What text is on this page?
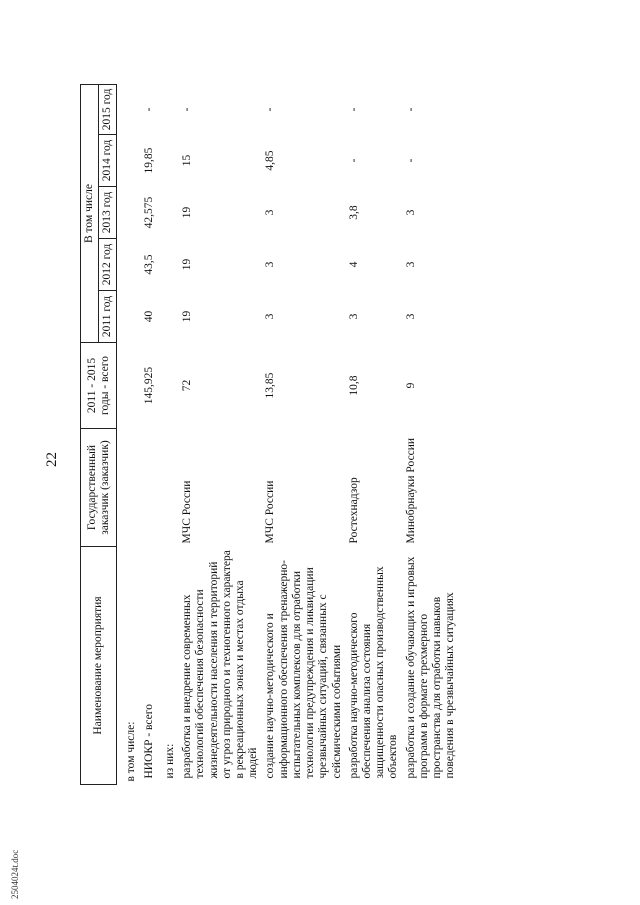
22
Наименование мероприятия	Государственный заказчик (заказчик)	2011 - 2015 годы - всего	В том числе				
			2011 год	2012 год	2013 год	2014 год	2015 год
в том числе:							
НИОКР - всего		145,925	40	43,5	42,575	19,85	-
из них:							
разработка и внедрение современных технологий обеспечения безопасности жизнедеятельности населения и территорий от угроз природного и техногенного характера в рекреационных зонах и местах отдыха людей	МЧС России	72	19	19	19	15	-
создание научно-методического и информационного обеспечения тренажерно-испытательных комплексов для отработки технологии предупреждения и ликвидации чрезвычайных ситуаций, связанных с сейсмическими событиями	МЧС России	13,85	3	3	3	4,85	-
разработка научно-методического обеспечения анализа состояния защищенности опасных производственных объектов	Ростехнадзор	10,8	3	4	3,8	-	-
разработка и создание обучающих и игровых программ в формате трехмерного пространства для отработки навыков поведения в чрезвычайных ситуациях	Минобрнауки России	9	3	3	3	-	-
2504024t.doc
